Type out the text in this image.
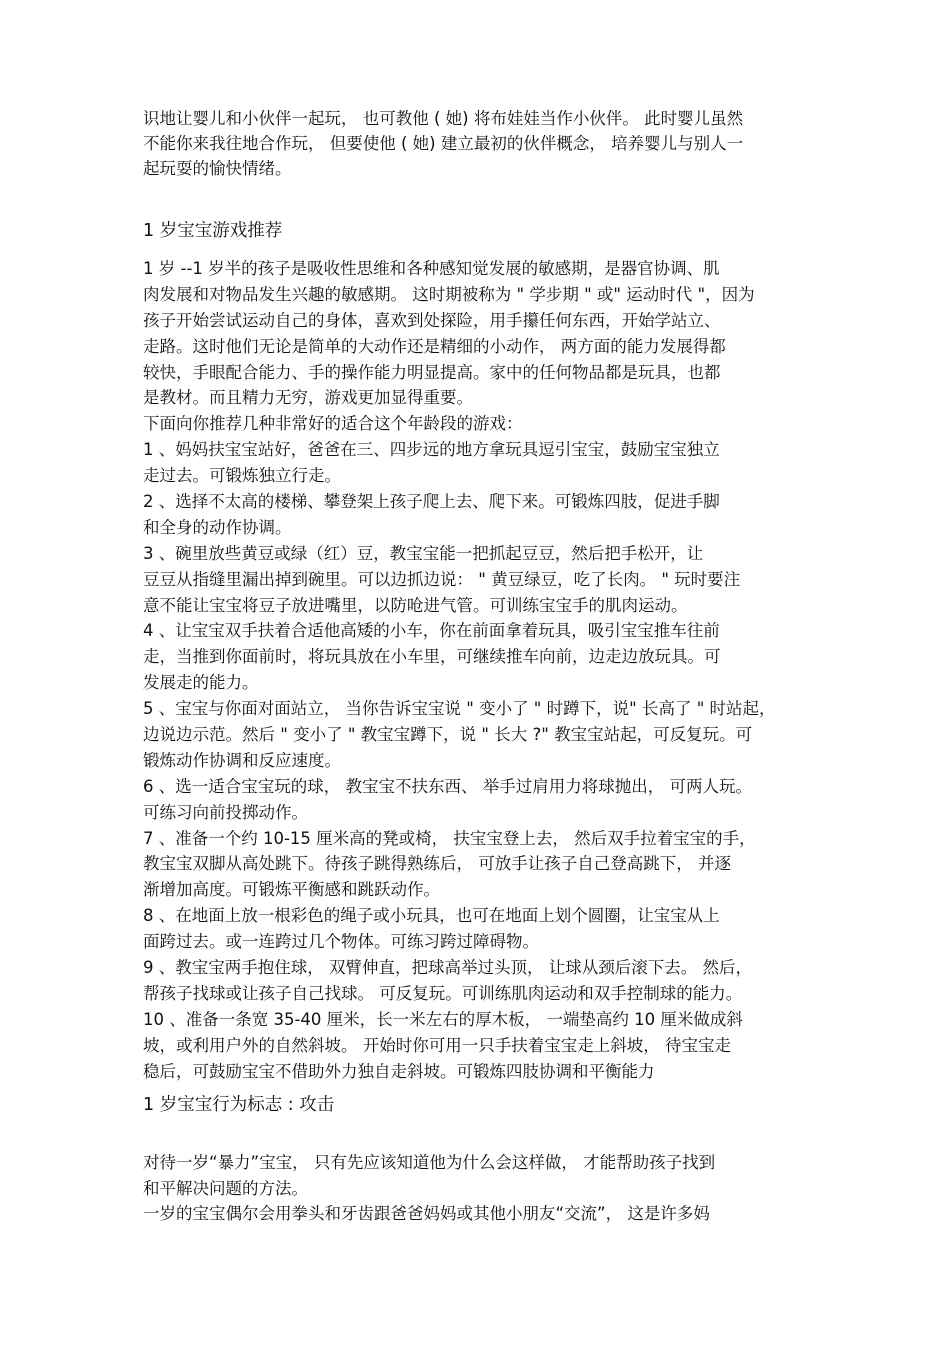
识地让婴儿和小伙伴一起玩， 也可教他 ( 她) 将布娃娃当作小伙伴。 此时婴儿虽然
不能你来我往地合作玩， 但要使他 ( 她) 建立最初的伙伴概念， 培养婴儿与别人一
起玩耍的愉快情绪。
1 岁宝宝游戏推荐
1 岁 --1 岁半的孩子是吸收性思维和各种感知觉发展的敏感期，是器官协调、肌
肉发展和对物品发生兴趣的敏感期。 这时期被称为 " 学步期 " 或" 运动时代 "，因为
孩子开始尝试运动自己的身体，喜欢到处探险，用手攥任何东西，开始学站立、
走路。这时他们无论是简单的大动作还是精细的小动作， 两方面的能力发展得都
较快，手眼配合能力、手的操作能力明显提高。家中的任何物品都是玩具，也都
是教材。而且精力无穷，游戏更加显得重要。
下面向你推荐几种非常好的适合这个年龄段的游戏：
1 、妈妈扶宝宝站好，爸爸在三、四步远的地方拿玩具逗引宝宝，鼓励宝宝独立
走过去。可锻炼独立行走。
2 、选择不太高的楼梯、攀登架上孩子爬上去、爬下来。可锻炼四肢，促进手脚
和全身的动作协调。
3 、碗里放些黄豆或绿（红）豆，教宝宝能一把抓起豆豆，然后把手松开，让
豆豆从指缝里漏出掉到碗里。可以边抓边说： " 黄豆绿豆，吃了长肉。 " 玩时要注
意不能让宝宝将豆子放进嘴里，以防呛进气管。可训练宝宝手的肌肉运动。
4 、让宝宝双手扶着合适他高矮的小车，你在前面拿着玩具，吸引宝宝推车往前
走，当推到你面前时，将玩具放在小车里，可继续推车向前，边走边放玩具。可
发展走的能力。
5 、宝宝与你面对面站立， 当你告诉宝宝说 " 变小了 " 时蹲下，说" 长高了 " 时站起，
边说边示范。然后 " 变小了 " 教宝宝蹲下，说 " 长大 ?" 教宝宝站起，可反复玩。可
锻炼动作协调和反应速度。
6 、选一适合宝宝玩的球， 教宝宝不扶东西、 举手过肩用力将球抛出， 可两人玩。
可练习向前投掷动作。
7 、准备一个约 10-15 厘米高的凳或椅， 扶宝宝登上去， 然后双手拉着宝宝的手，
教宝宝双脚从高处跳下。待孩子跳得熟练后， 可放手让孩子自己登高跳下， 并逐
渐增加高度。可锻炼平衡感和跳跃动作。
8 、在地面上放一根彩色的绳子或小玩具，也可在地面上划个圆圈，让宝宝从上
面跨过去。或一连跨过几个物体。可练习跨过障碍物。
9 、教宝宝两手抱住球， 双臂伸直，把球高举过头顶， 让球从颈后滚下去。 然后，
帮孩子找球或让孩子自己找球。 可反复玩。可训练肌肉运动和双手控制球的能力。
10 、准备一条宽 35-40 厘米，长一米左右的厚木板， 一端垫高约 10 厘米做成斜
坡，或利用户外的自然斜坡。 开始时你可用一只手扶着宝宝走上斜坡， 待宝宝走
稳后，可鼓励宝宝不借助外力独自走斜坡。可锻炼四肢协调和平衡能力
1 岁宝宝行为标志 : 攻击
对待一岁“暴力”宝宝， 只有先应该知道他为什么会这样做， 才能帮助孩子找到
和平解决问题的方法。
一岁的宝宝偶尔会用拳头和牙齿跟爸爸妈妈或其他小朋友“交流”， 这是许多妈
